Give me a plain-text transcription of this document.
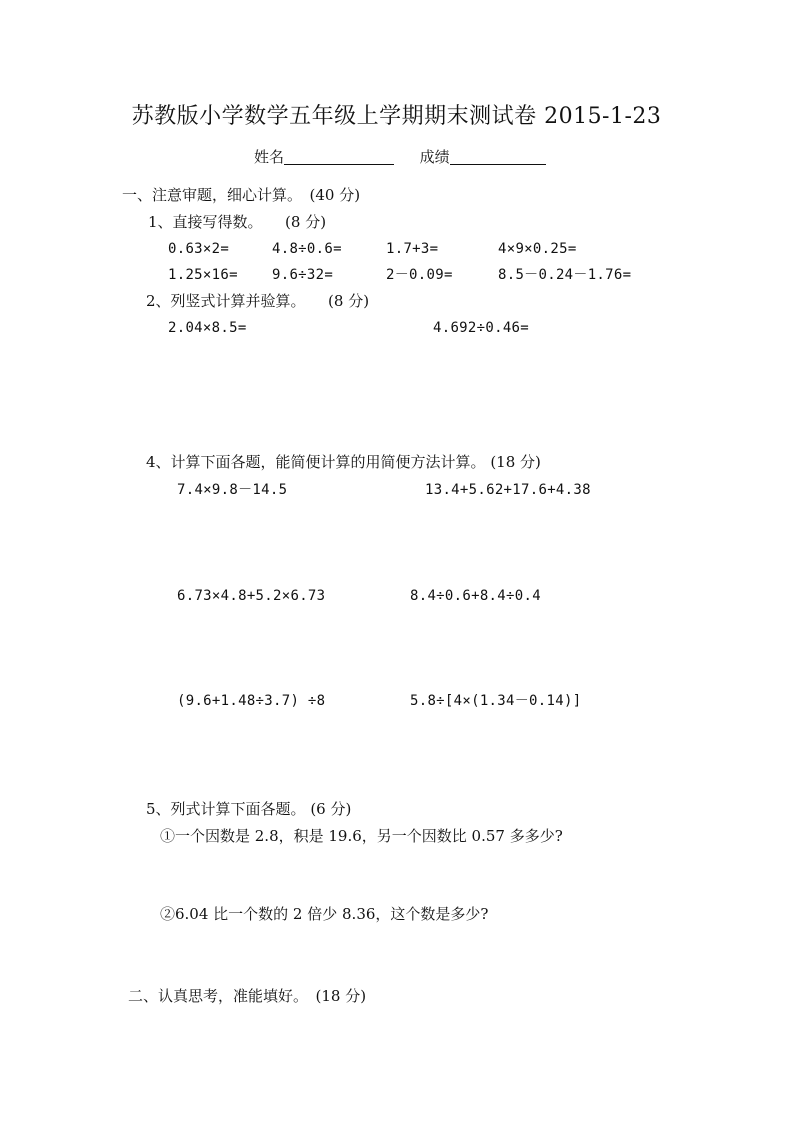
苏教版小学数学五年级上学期期末测试卷 2015-1-23
姓名	成绩
一、注意审题，细心计算。　(40 分)
1、直接写得数。　　(8 分)
0.63×2=	4.8÷0.6=	1.7+3=	4×9×0.25=
1.25×16= 9.6÷32=	2－0.09=	8.5－0.24－1.76=
2、列竖式计算并验算。　　(8 分)
2.04×8.5=	4.692÷0.46=
4、计算下面各题，能简便计算的用简便方法计算。 (18 分)
7.4×9.8－14.5	13.4+5.62+17.6+4.38
6.73×4.8+5.2×6.73	8.4÷0.6+8.4÷0.4
(9.6+1.48÷3.7) ÷8	5.8÷[4×(1.34－0.14)]
5、列式计算下面各题。 (6 分)
①一个因数是 2.8，积是 19.6，另一个因数比 0.57 多多少?
②6.04 比一个数的 2 倍少 8.36，这个数是多少?
二、认真思考，准能填好。　(18 分)
